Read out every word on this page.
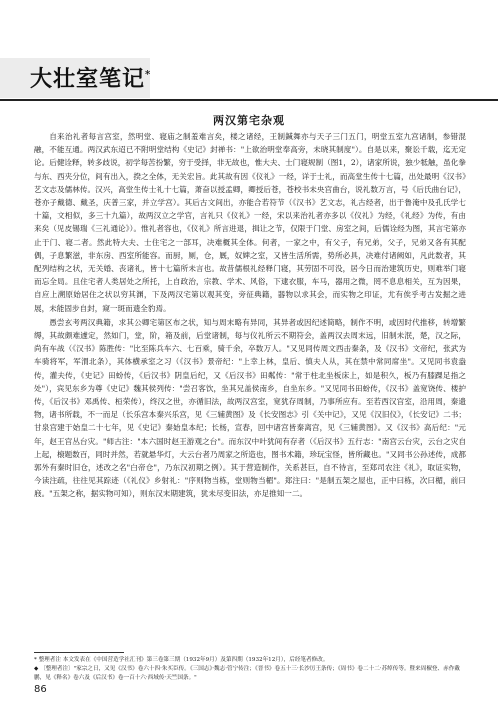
大壮室笔记*
两汉第宅杂观

自来治礼者每言宫室，然明堂、寝庙之制羞难言矣，楼之诸经，王制鍼舞亦与天子三门五门，明堂五室九宫诸制，参错混融，不能互通。两汉武东迢已不附明堂结构《史记》封禅书："上欲治明堂奉高旁，未晓其制度"）。自是以来，聚讼千载，迄无定论。后健诠释，转多歧说，初学每苦扮繁，穷于受择，非无故也，惟大夫、士门寝规制（图1，2），诸家所说，独少牴触，虽化拳与东、西夹分位，间有出入，揆之全体，无关宏旨。此其故有因《仪礼》一经，详于士礼，而高堂生传十七篇，出处最明《汉书》艺文志及儒林传。汉兴，高堂生传士礼十七篇，萧奋以授孟卿，卿授后苍，苍校书未央宫曲台，说礼数万言，号《后氏曲台记》，苍亦子戴德、戴圣，庆普三家，并立学宫）。其后古文间出，亦能合若符节（《汉书》艺文志，礼古经者，出于鲁淹中及孔氏学七十篇，文相似，多三十九篇），故两汉立之学官，言礼只《仪礼》一经，宋以来治礼者亦多以《仪礼》为经，《礼经》为传，有由来矣（见皮锡瑞《三礼通论》）。惟礼者容也，《仪礼》所言进退，揖让之节，仅限于门堂、房室之间，后儒诠经为图，其言宅第亦止于门、寝二者。然此特大夫、士住宅之一部耳，决难概其全体。何者，一家之中，有父子，有兄弟，父子，兄弟又各有其配偶，子息繁滋，非东房、西室所能容。而厨，厕，仓，厩，奴婢之室，又皆生活所需，势所必具，决难付诸阙如，凡此数者，其配列结构之状，无关婚、丧诸礼，皆十七篇所未言也。故昔儒根礼经释门寝，其劳固不可没，居今日而治建筑历史，则难举门寝而忘全局。且住宅者人类居处之所托，上自政治，宗教、学术、风俗，下逮衣服，车马，器用之微，罔不息息相关，互为因果，自应上溯原始居住之状以穷其渊，下及两汉宅第以观其变，旁征典籍，器物以求其会，而实物之印证，尤有俟乎考古发掘之进展，未能固步自封，窥一斑而遗全豹焉。

愚尝玄考两汉典籍，求其公卿宅第区布之状，知与周末略有异同，其异者或因纪述简略，制作不明，或因时代推移，转增繁缛，其故颇难遽定，然如门，堂，阶，箱及前，后堂诸制，每与仪礼所云不期符会，盖两汉去周末远，旧制未泯，楚，汉之际，尚有车战（《汉书》陈胜传："比至陈兵车六、七百乘，骑千余，卒数万人。"又见同传周文西击秦条，及《汉书》文帝纪，张武为车骑将军，军渭北条），其体横承室之习（《汉书》景帝纪："上幸上林，皇后、慎夫人从，其在禁中常同席坐"。又见同书袁盎传，灌夫传，《史记》田蚡传，《后汉书》阴皇后纪，又《后汉书》田粼传："常于柱北坐板床上，如是积久，板乃有膝踝足指之处"），宾见东乡为尊《史记》魏其侯列传："尝召客饮，坐其兄盖侯南乡，自坐东乡。"又见同书田蚡传，《汉书》盖宽饶传、楼护传，《后汉书》邓禹传、桓荣传），终汉之世，亦循旧法，故两汉宫室，宽犹存周制，乃事所应有。至若西汉宫室，沿用周，秦遗物，诸书所载，不一而足（长乐宫本秦兴乐宫，见《三辅黄图》及《长安图志》引《关中记》，又见《汉旧仪》，《长安记》二书；甘泉宫建于始皇二十七年，见《史记》秦始皇本纪；长杨，宣春，回中诸宫皆秦离宫，见《三辅黄图》。又《汉书》高后纪："元年，赵王宫丛台灾。"师古注："本六国时赵王游观之台"。而东汉中叶犹间有存者（《后汉书》五行志："南宫云台灾，云台之灾自上起，榱题数百，同时并然，若就悬华灯，大云台者乃周家之所造也，图书术籍，珍玩宝怪，皆所藏也。"又同书公孙述传，成都郭外有秦时旧仓，述改之名"白帝仓"，乃东汉初期之例）。其于营造制作，关系甚巨，自不待言，至郑司农注《礼》，取证实物，今读注疏，往往见其踪迹（《礼仪》乡射礼："序则物当栋，堂则物当楣"。郑注曰："是制五架之屋也，正中曰栋，次曰楣，前曰庪。"五架之称，据实物可知），则东汉末期建筑，犹未尽变旧法，亦足推知一二。

* 整理者注 本文发表在《中国营造学社汇刊》第三卷第三期（1932年9月）及第四期（1932年12月），后经笔者修改。

◆ 〔整理者注〕"家宗之日，又见《汉书》卷六十四·朱买臣传。《三国志》·魏志·管宁传注；《晋书》卷五十三·长沙厉王条传；《周书》卷二十二·苏绰传等。暨来周椒登、赤作戴鹏，见《释名》卷六及《后汉书》卷一百十六·西域传·天竺国条。"

86
